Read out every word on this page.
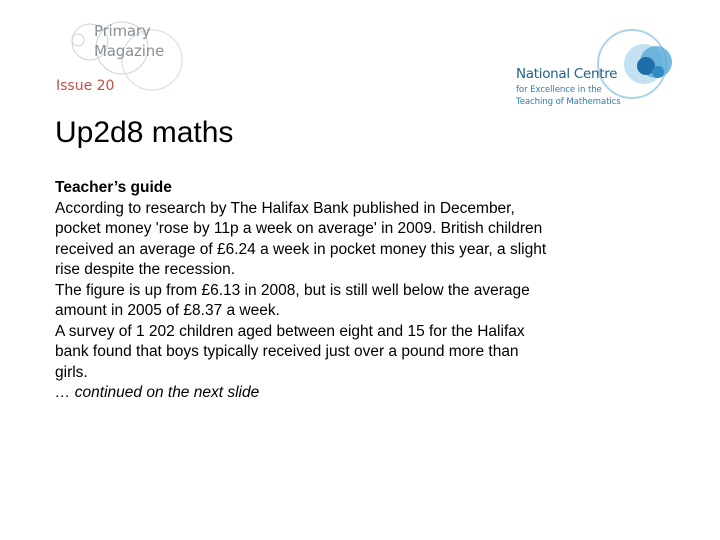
Primary
Magazine
Issue 20
National Centre
for Excellence in the
Teaching of Mathematics
Up2d8 maths

Teacher’s guide

According to research by The Halifax Bank published in December, pocket money 'rose by 11p a week on average' in 2009. British children received an average of £6.24 a week in pocket money this year, a slight rise despite the recession.

The figure is up from £6.13 in 2008, but is still well below the average amount in 2005 of £8.37 a week.

A survey of 1 202 children aged between eight and 15 for the Halifax bank found that boys typically received just over a pound more than girls.

… continued on the next slide
